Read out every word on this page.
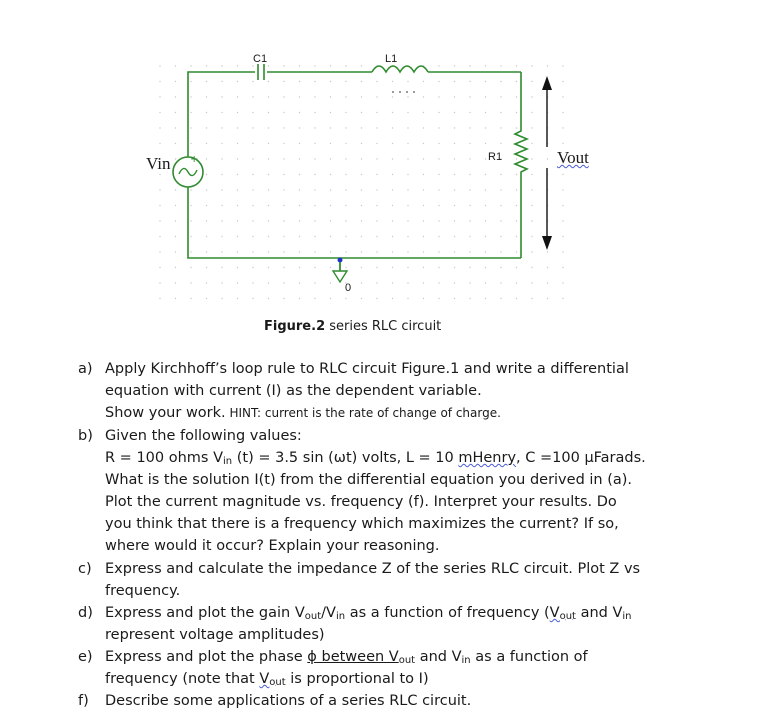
+
C1	L1
R1
Vin	Vout
0
Figure.2 series RLC circuit
a) Apply Kirchhoff’s loop rule to RLC circuit Figure.1 and write a differential
equation with current (I) as the dependent variable.
Show your work. HINT: current is the rate of change of charge.
b) Given the following values:
R = 100 ohms $V_{in}$ (t) = 3.5 sin (ωt) volts, L = 10 mHenry, C =100 μFarads.
What is the solution I(t) from the differential equation you derived in (a).
Plot the current magnitude vs. frequency (f). Interpret your results. Do
you think that there is a frequency which maximizes the current? If so,
where would it occur? Explain your reasoning.
c) Express and calculate the impedance Z of the series RLC circuit. Plot Z vs
frequency.
d) Express and plot the gain $V_{out}/V_{in}$ as a function of frequency ($V_{out}$ and $V_{in}$
represent voltage amplitudes)
e) Express and plot the phase ϕ between $V_{out}$ and $V_{in}$ as a function of
frequency (note that $V_{out}$ is proportional to I)
f) Describe some applications of a series RLC circuit.
